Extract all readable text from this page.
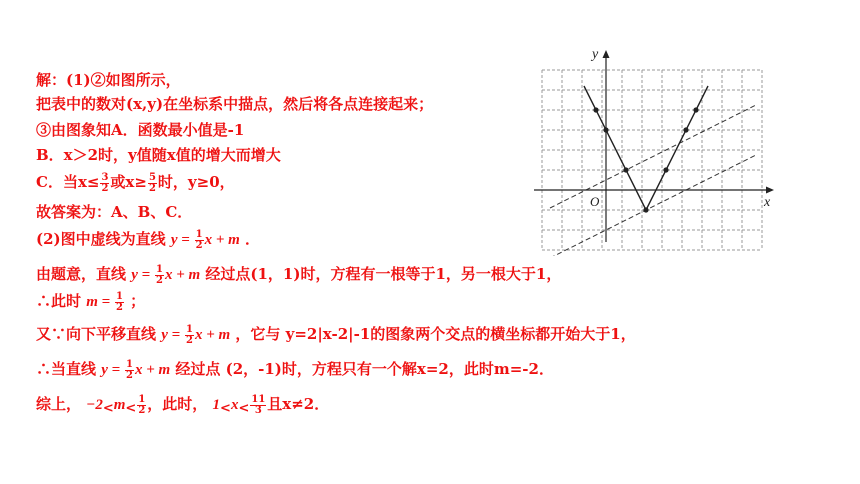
解：(1)②如图所示，
把表中的数对(x,y)在坐标系中描点，然后将各点连接起来；
③由图象知A．函数最小值是-1
B．x＞2时，y值随x值的增大而增大
C．当$x\le \frac{3}{2}$ 或$x\ge \frac{5}{2}$ 时，y≥0，
故答案为：A、B、C．
(2)图中虚线为直线 $y = \frac{1}{2}$ x + m ．
由题意，直线 $y = \frac{1}{2}$ x + m 经过点(1，1)时，方程有一根等于1，另一根大于1，
∴此时 $m = \frac{1}{2}$ ；
又∵向下平移直线 $y = \frac{1}{2}$ x + m ，它与 y=2|x-2|-1的图象两个交点的横坐标都开始大于1，
∴当直线 $y = \frac{1}{2}$ x + m 经过点 (2，-1)时，方程只有一个解x=2，此时m=-2．
综上， $-2<m< \frac{1}{2}$ ，此时， $1<x< \frac{11}{3}$ 且x≠2．
y
x
O
